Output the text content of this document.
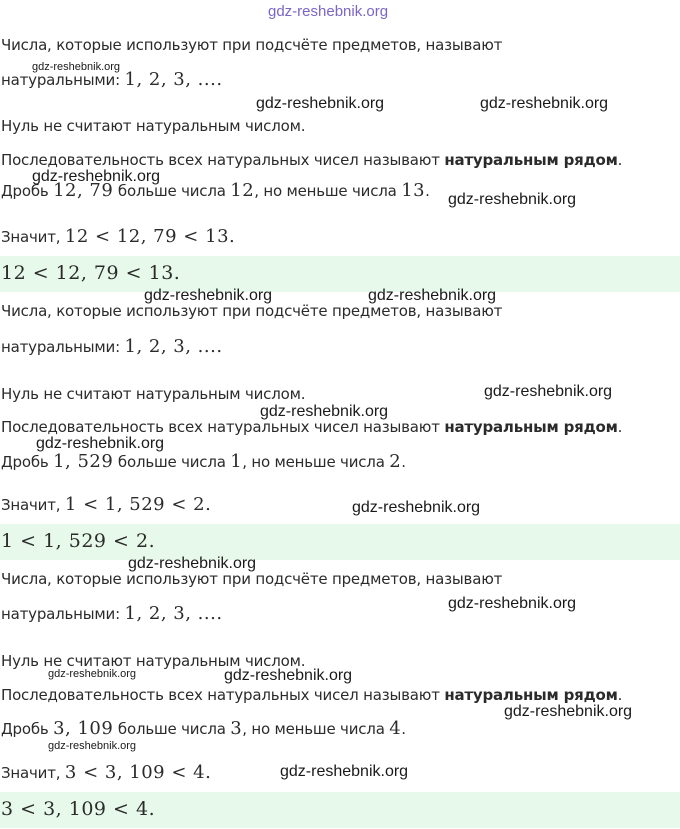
gdz-reshebnik.org

Числа, которые используют при подсчёте предметов, называют

натуральными: 1, 2, 3, ....

Нуль не считают натуральным числом.

Последовательность всех натуральных чисел называют натуральным рядом.

Дробь 12, 79 больше числа 12, но меньше числа 13.

Значит, 12 < 12, 79 < 13.

12 < 12, 79 < 13.

Числа, которые используют при подсчёте предметов, называют

натуральными: 1, 2, 3, ....

Нуль не считают натуральным числом.

Последовательность всех натуральных чисел называют натуральным рядом.

Дробь 1, 529 больше числа 1, но меньше числа 2.

Значит, 1 < 1, 529 < 2.

1 < 1, 529 < 2.

Числа, которые используют при подсчёте предметов, называют

натуральными: 1, 2, 3, ....

Нуль не считают натуральным числом.

Последовательность всех натуральных чисел называют натуральным рядом.

Дробь 3, 109 больше числа 3, но меньше числа 4.

Значит, 3 < 3, 109 < 4.

3 < 3, 109 < 4.
gdz-reshebnik.org
gdz-reshebnik.org	gdz-reshebnik.org
gdz-reshebnik.org
gdz-reshebnik.org
gdz-reshebnik.org	gdz-reshebnik.org
gdz-reshebnik.org
gdz-reshebnik.org
gdz-reshebnik.org
gdz-reshebnik.org
gdz-reshebnik.org
gdz-reshebnik.org
gdz-reshebnik.org	gdz-reshebnik.org
gdz-reshebnik.org
gdz-reshebnik.org
gdz-reshebnik.org
